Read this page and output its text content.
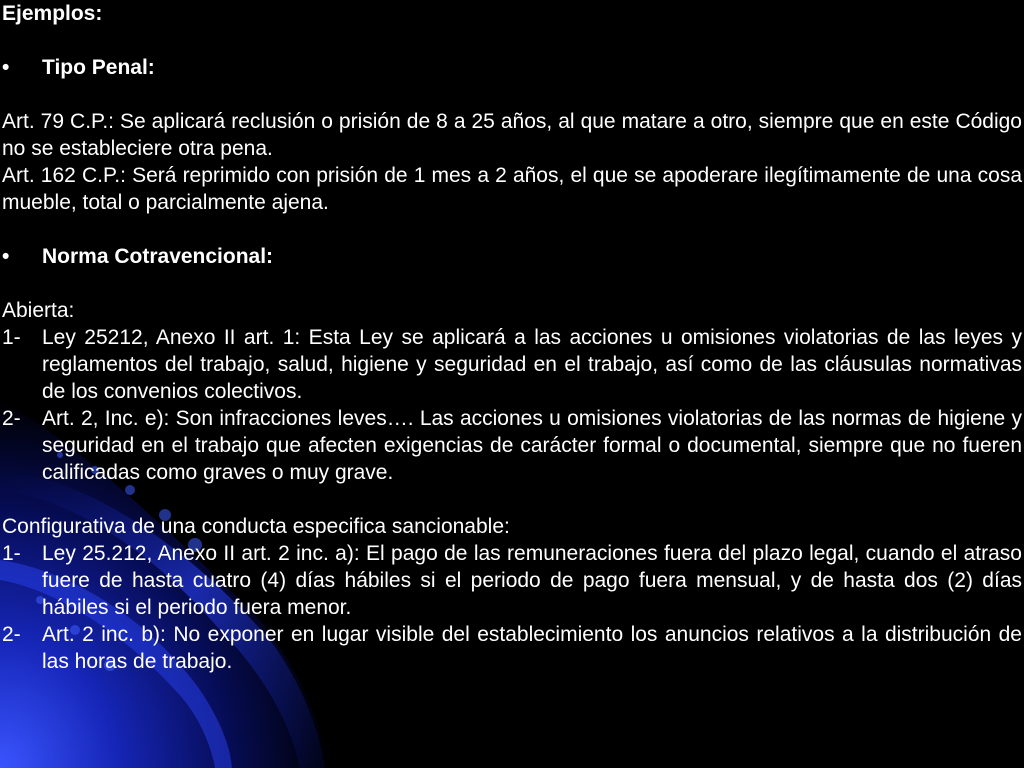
Ejemplos:

•	Tipo Penal:

Art. 79 C.P.: Se aplicará reclusión o prisión de 8 a 25 años, al que matare a otro, siempre que en este Código no se estableciere otra pena.

Art. 162 C.P.: Será reprimido con prisión de 1 mes a 2 años, el que se apoderare ilegítimamente de una cosa mueble, total o parcialmente ajena.

•	Norma Cotravencional:

Abierta:

1-	Ley 25212, Anexo II art. 1: Esta Ley se aplicará a las acciones u omisiones violatorias de las leyes y reglamentos del trabajo, salud, higiene y seguridad en el trabajo, así como de las cláusulas normativas de los convenios colectivos.
2-	Art. 2, Inc. e): Son infracciones leves…. Las acciones u omisiones violatorias de las normas de higiene y seguridad en el trabajo que afecten exigencias de carácter formal o documental, siempre que no fueren calificadas como graves o muy grave.

Configurativa de una conducta especifica sancionable:

1-	Ley 25.212, Anexo II art. 2 inc. a): El pago de las remuneraciones fuera del plazo legal, cuando el atraso fuere de hasta cuatro (4) días hábiles si el periodo de pago fuera mensual, y de hasta dos (2) días hábiles si el periodo fuera menor.
2-	Art. 2 inc. b): No exponer en lugar visible del establecimiento los anuncios relativos a la distribución de las horas de trabajo.
